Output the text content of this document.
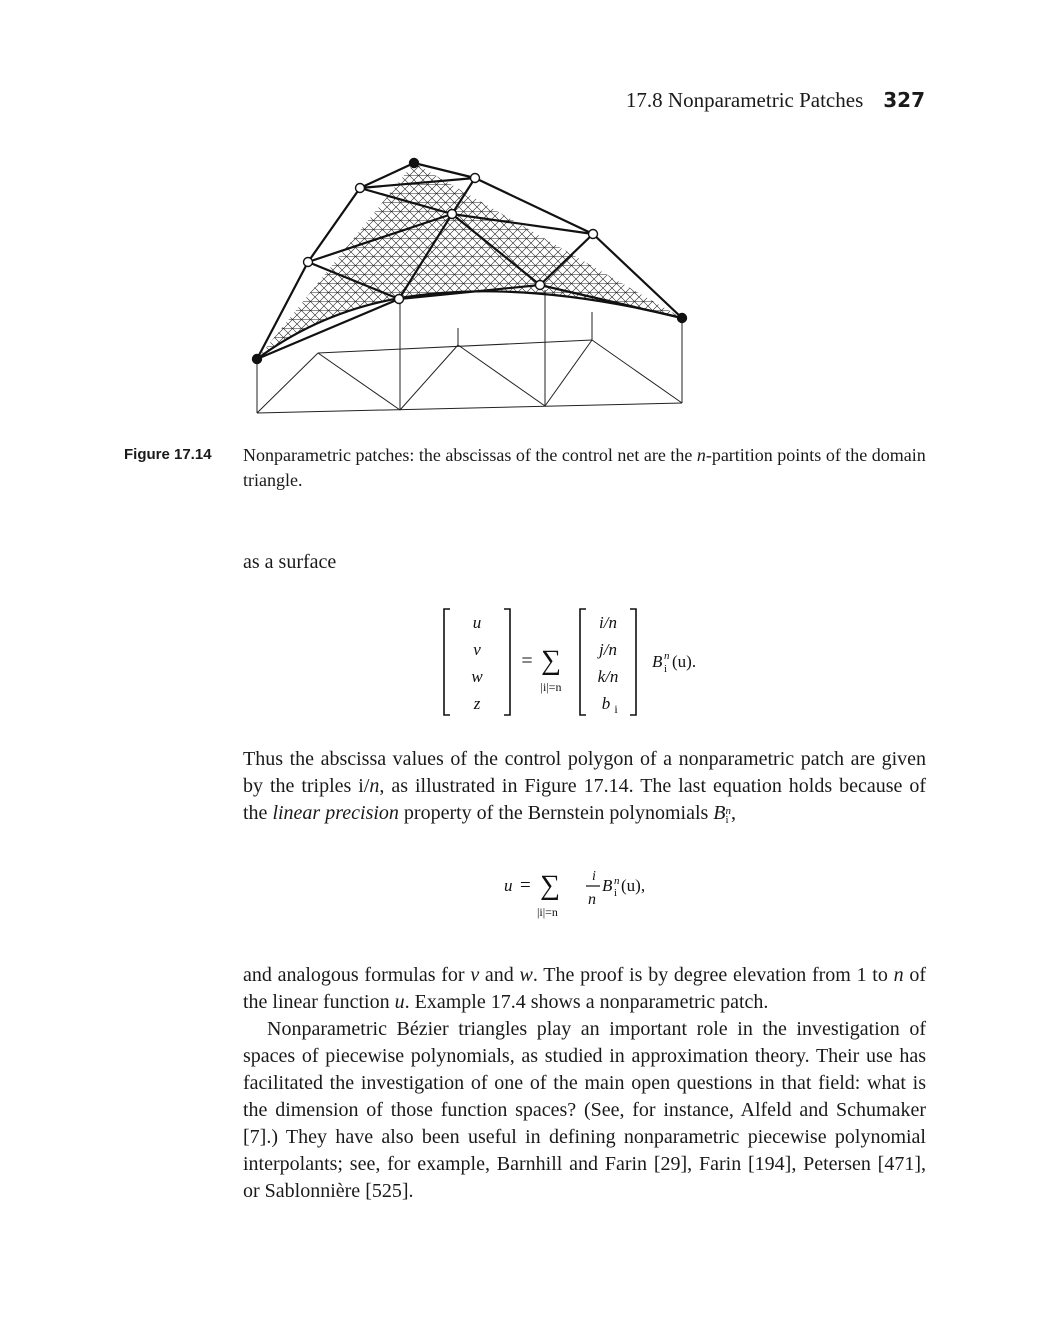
17.8 Nonparametric Patches 327
Figure 17.14 Nonparametric patches: the abscissas of the control net are the n-partition points of the domain triangle.
as a surface
u
v
w
z
= ∑
|i|=n
i/n
j/n
k/n
b i
B n
i (u).
Thus the abscissa values of the control polygon of a nonparametric patch are given by the triples i/n, as illustrated in Figure 17.14. The last equation holds because of the linear precision property of the Bernstein polynomials B n
i ,
u = ∑
|i|=n
i
n
B n
i (u),
and analogous formulas for v and w. The proof is by degree elevation from 1 to n of the linear function u. Example 17.4 shows a nonparametric patch.
Nonparametric Bézier triangles play an important role in the investigation of spaces of piecewise polynomials, as studied in approximation theory. Their use has facilitated the investigation of one of the main open questions in that field: what is the dimension of those function spaces? (See, for instance, Alfeld and Schumaker [7].) They have also been useful in defining nonparametric piecewise polynomial interpolants; see, for example, Barnhill and Farin [29], Farin [194], Petersen [471], or Sablonnière [525].
